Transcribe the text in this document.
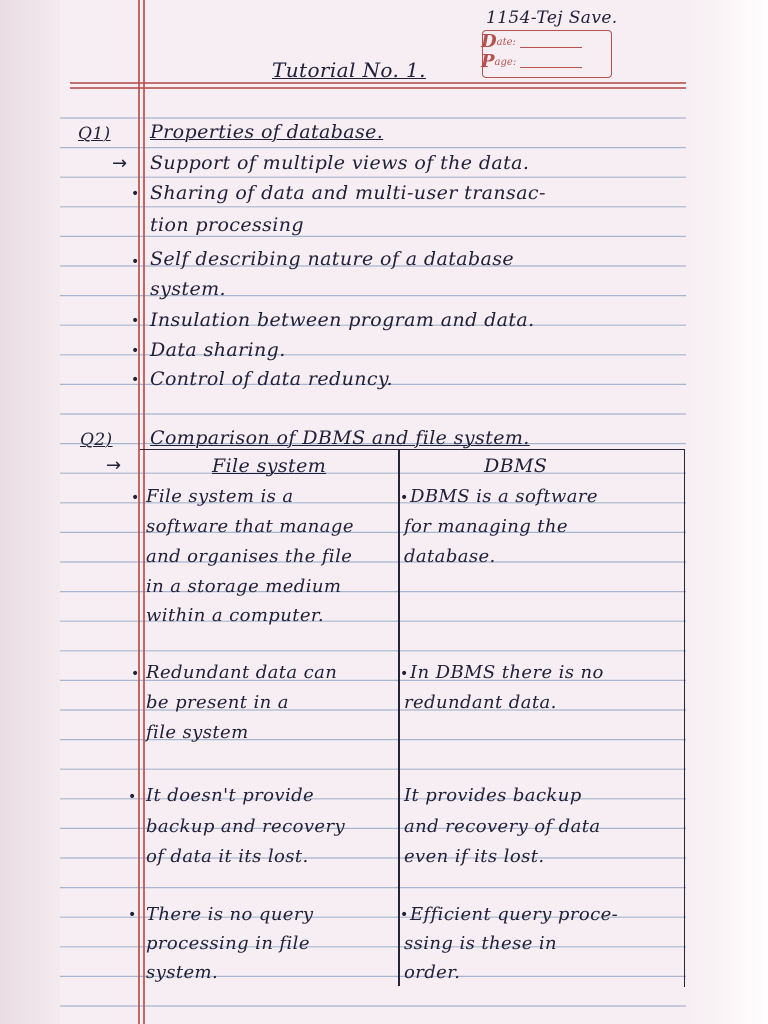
1154-Tej Save.

D ate:
P age:

Tutorial No. 1.

Q1) Properties of database.

→ Support of multiple views of the data.

• Sharing of data and multi-user transac-

tion processing

• Self describing nature of a database

system.

• Insulation between program and data.

• Data sharing.

• Control of data reduncy.

Q2) Comparison of DBMS and file system.

→	File system	DBMS

• File system is a

software that manage

and organises the file

in a storage medium

within a computer.

• DBMS is a software

for managing the

database.

• Redundant data can

be present in a

file system

• In DBMS there is no

redundant data.

• It doesn't provide

backup and recovery

of data it its lost.

It provides backup

and recovery of data

even if its lost.

• There is no query

processing in file

system.

• Efficient query proce-

ssing is these in

order.
